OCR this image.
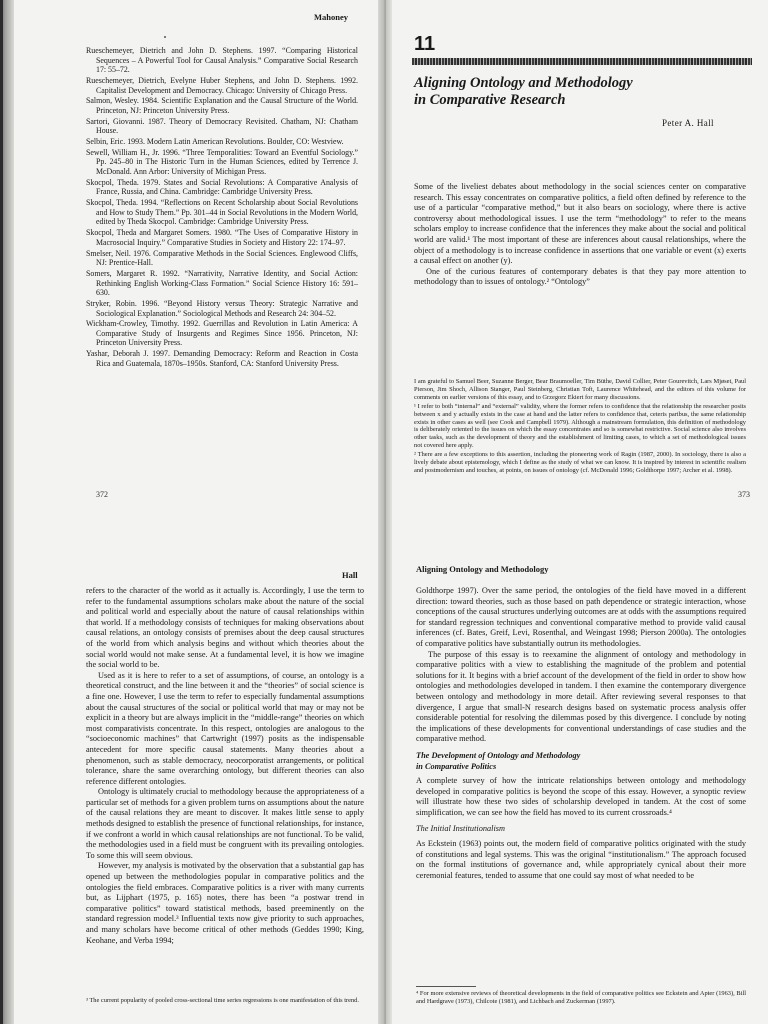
Mahoney

Rueschemeyer, Dietrich and John D. Stephens. 1997. “Comparing Historical Sequences – A Powerful Tool for Causal Analysis.” Comparative Social Research 17: 55–72.

Rueschemeyer, Dietrich, Evelyne Huber Stephens, and John D. Stephens. 1992. Capitalist Development and Democracy. Chicago: University of Chicago Press.

Salmon, Wesley. 1984. Scientific Explanation and the Causal Structure of the World. Princeton, NJ: Princeton University Press.

Sartori, Giovanni. 1987. Theory of Democracy Revisited. Chatham, NJ: Chatham House.

Selbin, Eric. 1993. Modern Latin American Revolutions. Boulder, CO: Westview.

Sewell, William H., Jr. 1996. “Three Temporalities: Toward an Eventful Sociology.” Pp. 245–80 in The Historic Turn in the Human Sciences, edited by Terrence J. McDonald. Ann Arbor: University of Michigan Press.

Skocpol, Theda. 1979. States and Social Revolutions: A Comparative Analysis of France, Russia, and China. Cambridge: Cambridge University Press.

Skocpol, Theda. 1994. “Reflections on Recent Scholarship about Social Revolutions and How to Study Them.” Pp. 301–44 in Social Revolutions in the Modern World, edited by Theda Skocpol. Cambridge: Cambridge University Press.

Skocpol, Theda and Margaret Somers. 1980. “The Uses of Comparative History in Macrosocial Inquiry.” Comparative Studies in Society and History 22: 174–97.

Smelser, Neil. 1976. Comparative Methods in the Social Sciences. Englewood Cliffs, NJ: Prentice-Hall.

Somers, Margaret R. 1992. “Narrativity, Narrative Identity, and Social Action: Rethinking English Working-Class Formation.” Social Science History 16: 591–630.

Stryker, Robin. 1996. “Beyond History versus Theory: Strategic Narrative and Sociological Explanation.” Sociological Methods and Research 24: 304–52.

Wickham-Crowley, Timothy. 1992. Guerrillas and Revolution in Latin America: A Comparative Study of Insurgents and Regimes Since 1956. Princeton, NJ: Princeton University Press.

Yashar, Deborah J. 1997. Demanding Democracy: Reform and Reaction in Costa Rica and Guatemala, 1870s–1950s. Stanford, CA: Stanford University Press.

372
11
Aligning Ontology and Methodology
in Comparative Research
Peter A. Hall

Some of the liveliest debates about methodology in the social sciences center on comparative research. This essay concentrates on comparative politics, a field often defined by reference to the use of a particular “comparative method,” but it also bears on sociology, where there is active controversy about methodological issues. I use the term “methodology” to refer to the means scholars employ to increase confidence that the inferences they make about the social and political world are valid.¹ The most important of these are inferences about causal relationships, where the object of a methodology is to increase confidence in assertions that one variable or event (x) exerts a causal effect on another (y).

One of the curious features of contemporary debates is that they pay more attention to methodology than to issues of ontology.² “Ontology”

I am grateful to Samuel Beer, Suzanne Berger, Bear Braumoeller, Tim Büthe, David Collier, Peter Gourevitch, Lars Mjøset, Paul Pierson, Jim Shoch, Allison Stanger, Paul Steinberg, Christian Toft, Laurence Whitehead, and the editors of this volume for comments on earlier versions of this essay, and to Grzegorz Ekiert for many discussions.

¹ I refer to both “internal” and “external” validity, where the former refers to confidence that the relationship the researcher posits between x and y actually exists in the case at hand and the latter refers to confidence that, ceteris paribus, the same relationship exists in other cases as well (see Cook and Campbell 1979). Although a mainstream formulation, this definition of methodology is deliberately oriented to the issues on which the essay concentrates and so is somewhat restrictive. Social science also involves other tasks, such as the development of theory and the establishment of limiting cases, to which a set of methodological issues not covered here apply.

² There are a few exceptions to this assertion, including the pioneering work of Ragin (1987, 2000). In sociology, there is also a lively debate about epistemology, which I define as the study of what we can know. It is inspired by interest in scientific realism and postmodernism and touches, at points, on issues of ontology (cf. McDonald 1996; Goldthorpe 1997; Archer et al. 1998).

373
Hall

refers to the character of the world as it actually is. Accordingly, I use the term to refer to the fundamental assumptions scholars make about the nature of the social and political world and especially about the nature of causal relationships within that world. If a methodology consists of techniques for making observations about causal relations, an ontology consists of premises about the deep causal structures of the world from which analysis begins and without which theories about the social world would not make sense. At a fundamental level, it is how we imagine the social world to be.

Used as it is here to refer to a set of assumptions, of course, an ontology is a theoretical construct, and the line between it and the “theories” of social science is a fine one. However, I use the term to refer to especially fundamental assumptions about the causal structures of the social or political world that may or may not be explicit in a theory but are always implicit in the “middle-range” theories on which most comparativists concentrate. In this respect, ontologies are analogous to the “socioeconomic machines” that Cartwright (1997) posits as the indispensable antecedent for more specific causal statements. Many theories about a phenomenon, such as stable democracy, neocorporatist arrangements, or political tolerance, share the same overarching ontology, but different theories can also reference different ontologies.

Ontology is ultimately crucial to methodology because the appropriateness of a particular set of methods for a given problem turns on assumptions about the nature of the causal relations they are meant to discover. It makes little sense to apply methods designed to establish the presence of functional relationships, for instance, if we confront a world in which causal relationships are not functional. To be valid, the methodologies used in a field must be congruent with its prevailing ontologies. To some this will seem obvious.

However, my analysis is motivated by the observation that a substantial gap has opened up between the methodologies popular in comparative politics and the ontologies the field embraces. Comparative politics is a river with many currents but, as Lijphart (1975, p. 165) notes, there has been “a postwar trend in comparative politics” toward statistical methods, based preeminently on the standard regression model.³ Influential texts now give priority to such approaches, and many scholars have become critical of other methods (Geddes 1990; King, Keohane, and Verba 1994;

³ The current popularity of pooled cross-sectional time series regressions is one manifestation of this trend.

Aligning Ontology and Methodology

Goldthorpe 1997). Over the same period, the ontologies of the field have moved in a different direction: toward theories, such as those based on path dependence or strategic interaction, whose conceptions of the causal structures underlying outcomes are at odds with the assumptions required for standard regression techniques and conventional comparative method to provide valid causal inferences (cf. Bates, Greif, Levi, Rosenthal, and Weingast 1998; Pierson 2000a). The ontologies of comparative politics have substantially outrun its methodologies.

The purpose of this essay is to reexamine the alignment of ontology and methodology in comparative politics with a view to establishing the magnitude of the problem and potential solutions for it. It begins with a brief account of the development of the field in order to show how ontologies and methodologies developed in tandem. I then examine the contemporary divergence between ontology and methodology in more detail. After reviewing several responses to that divergence, I argue that small-N research designs based on systematic process analysis offer considerable potential for resolving the dilemmas posed by this divergence. I conclude by noting the implications of these developments for conventional understandings of case studies and the comparative method.

The Development of Ontology and Methodology
in Comparative Politics

A complete survey of how the intricate relationships between ontology and methodology developed in comparative politics is beyond the scope of this essay. However, a synoptic review will illustrate how these two sides of scholarship developed in tandem. At the cost of some simplification, we can see how the field has moved to its current crossroads.⁴

The Initial Institutionalism

As Eckstein (1963) points out, the modern field of comparative politics originated with the study of constitutions and legal systems. This was the original “institutionalism.” The approach focused on the formal institutions of governance and, while appropriately cynical about their more ceremonial features, tended to assume that one could say most of what needed to be

⁴ For more extensive reviews of theoretical developments in the field of comparative politics see Eckstein and Apter (1963), Bill and Hardgrave (1973), Chilcote (1981), and Lichbach and Zuckerman (1997).
